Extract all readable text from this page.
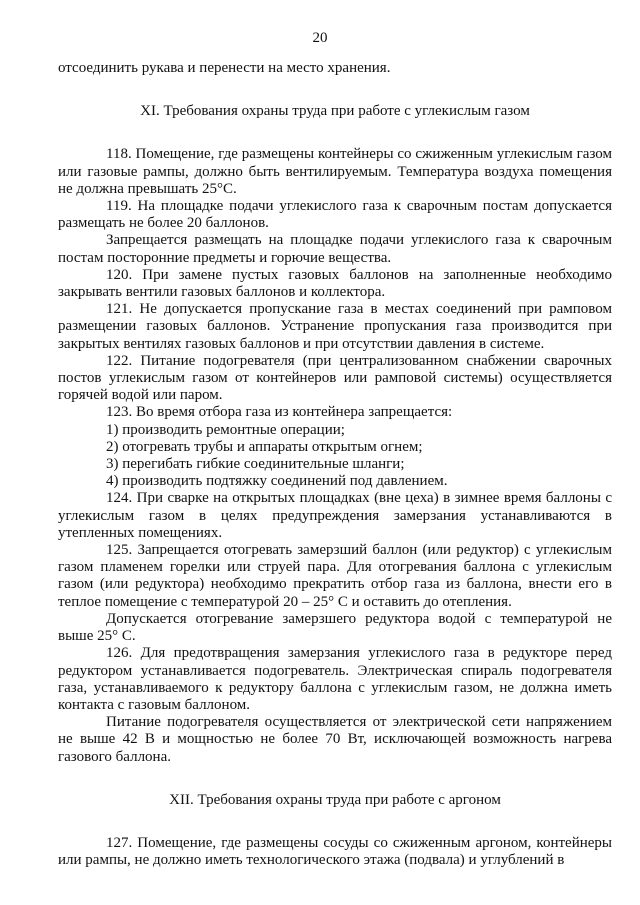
20

отсоединить рукава и перенести на место хранения.

XI. Требования охраны труда при работе с углекислым газом

118. Помещение, где размещены контейнеры со сжиженным углекислым газом или газовые рампы, должно быть вентилируемым. Температура воздуха помещения не должна превышать 25°С.

119. На площадке подачи углекислого газа к сварочным постам допускается размещать не более 20 баллонов.

Запрещается размещать на площадке подачи углекислого газа к сварочным постам посторонние предметы и горючие вещества.

120. При замене пустых газовых баллонов на заполненные необходимо закрывать вентили газовых баллонов и коллектора.

121. Не допускается пропускание газа в местах соединений при рамповом размещении газовых баллонов. Устранение пропускания газа производится при закрытых вентилях газовых баллонов и при отсутствии давления в системе.

122. Питание подогревателя (при централизованном снабжении сварочных постов углекислым газом от контейнеров или рамповой системы) осуществляется горячей водой или паром.

123. Во время отбора газа из контейнера запрещается:

1) производить ремонтные операции;

2) отогревать трубы и аппараты открытым огнем;

3) перегибать гибкие соединительные шланги;

4) производить подтяжку соединений под давлением.

124. При сварке на открытых площадках (вне цеха) в зимнее время баллоны с углекислым газом в целях предупреждения замерзания устанавливаются в утепленных помещениях.

125. Запрещается отогревать замерзший баллон (или редуктор) с углекислым газом пламенем горелки или струей пара. Для отогревания баллона с углекислым газом (или редуктора) необходимо прекратить отбор газа из баллона, внести его в теплое помещение с температурой 20 – 25° С и оставить до отепления.

Допускается отогревание замерзшего редуктора водой с температурой не выше 25° С.

126. Для предотвращения замерзания углекислого газа в редукторе перед редуктором устанавливается подогреватель. Электрическая спираль подогревателя газа, устанавливаемого к редуктору баллона с углекислым газом, не должна иметь контакта с газовым баллоном.

Питание подогревателя осуществляется от электрической сети напряжением не выше 42 В и мощностью не более 70 Вт, исключающей возможность нагрева газового баллона.

XII. Требования охраны труда при работе с аргоном

127. Помещение, где размещены сосуды со сжиженным аргоном, контейнеры или рампы, не должно иметь технологического этажа (подвала) и углублений в
